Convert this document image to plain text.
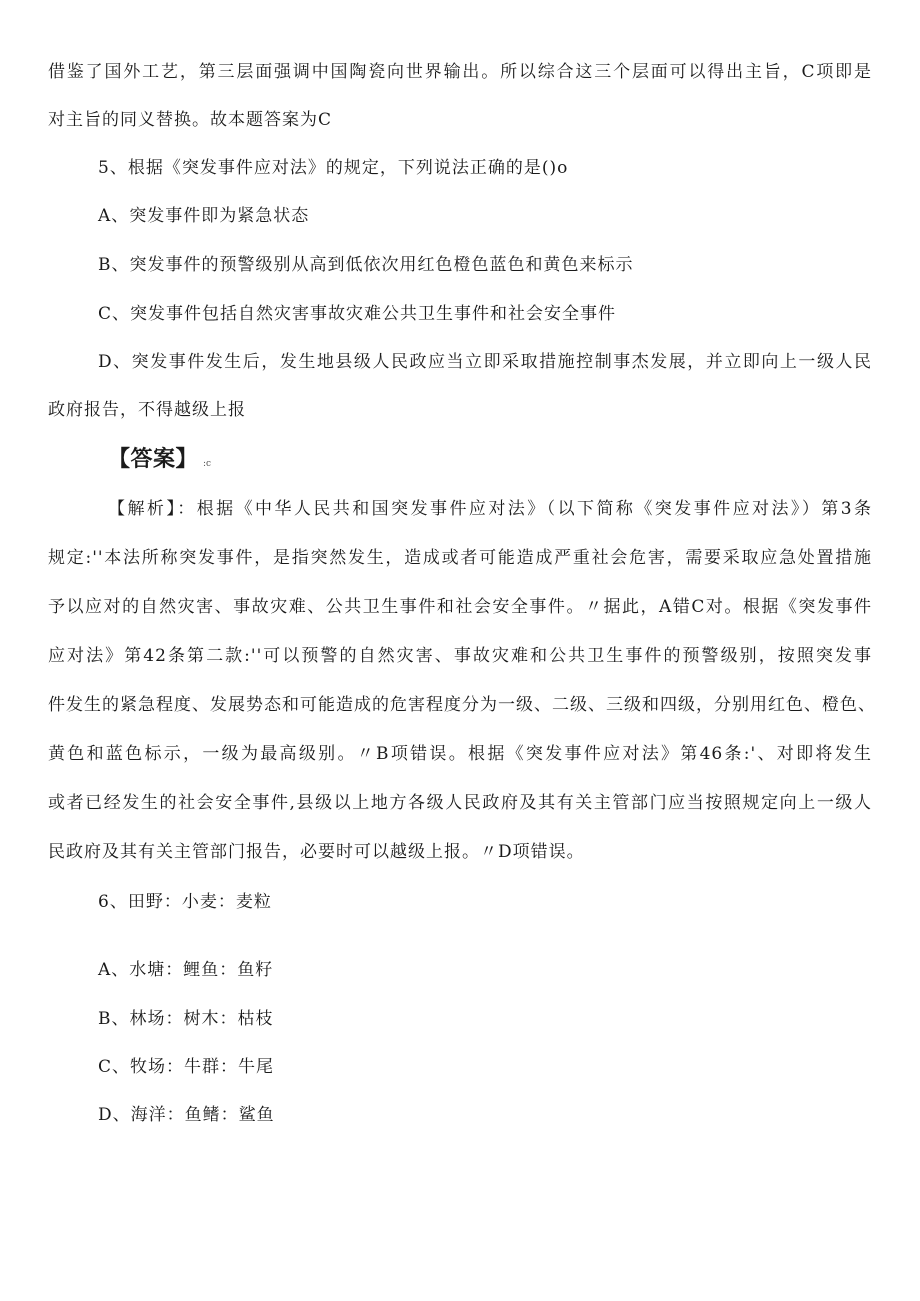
借鉴了国外工艺，第三层面强调中国陶瓷向世界输出。所以综合这三个层面可以得出主旨，C项即是
对主旨的同义替换。故本题答案为C
5、根据《突发事件应对法》的规定，下列说法正确的是()o
A、突发事件即为紧急状态
B、突发事件的预警级别从高到低依次用红色橙色蓝色和黄色来标示
C、突发事件包括自然灾害事故灾难公共卫生事件和社会安全事件
D、突发事件发生后，发生地县级人民政应当立即采取措施控制事杰发展，并立即向上一级人民
政府报告，不得越级上报
【答案】 :c
【解析】：根据《中华人民共和国突发事件应对法》（以下简称《突发事件应对法》）第3条
规定:''本法所称突发事件，是指突然发生，造成或者可能造成严重社会危害，需要采取应急处置措施
予以应对的自然灾害、事故灾难、公共卫生事件和社会安全事件。〃据此，A错C对。根据《突发事件
应对法》第42条第二款:''可以预警的自然灾害、事故灾难和公共卫生事件的预警级别，按照突发事
件发生的紧急程度、发展势态和可能造成的危害程度分为一级、二级、三级和四级，分别用红色、橙色、
黄色和蓝色标示，一级为最高级别。〃B项错误。根据《突发事件应对法》第46条:'、对即将发生
或者已经发生的社会安全事件,县级以上地方各级人民政府及其有关主管部门应当按照规定向上一级人
民政府及其有关主管部门报告，必要时可以越级上报。〃D项错误。
6、田野：小麦：麦粒
A、水塘：鲤鱼：鱼籽
B、林场：树木：枯枝
C、牧场：牛群：牛尾
D、海洋：鱼鳍：鲨鱼
